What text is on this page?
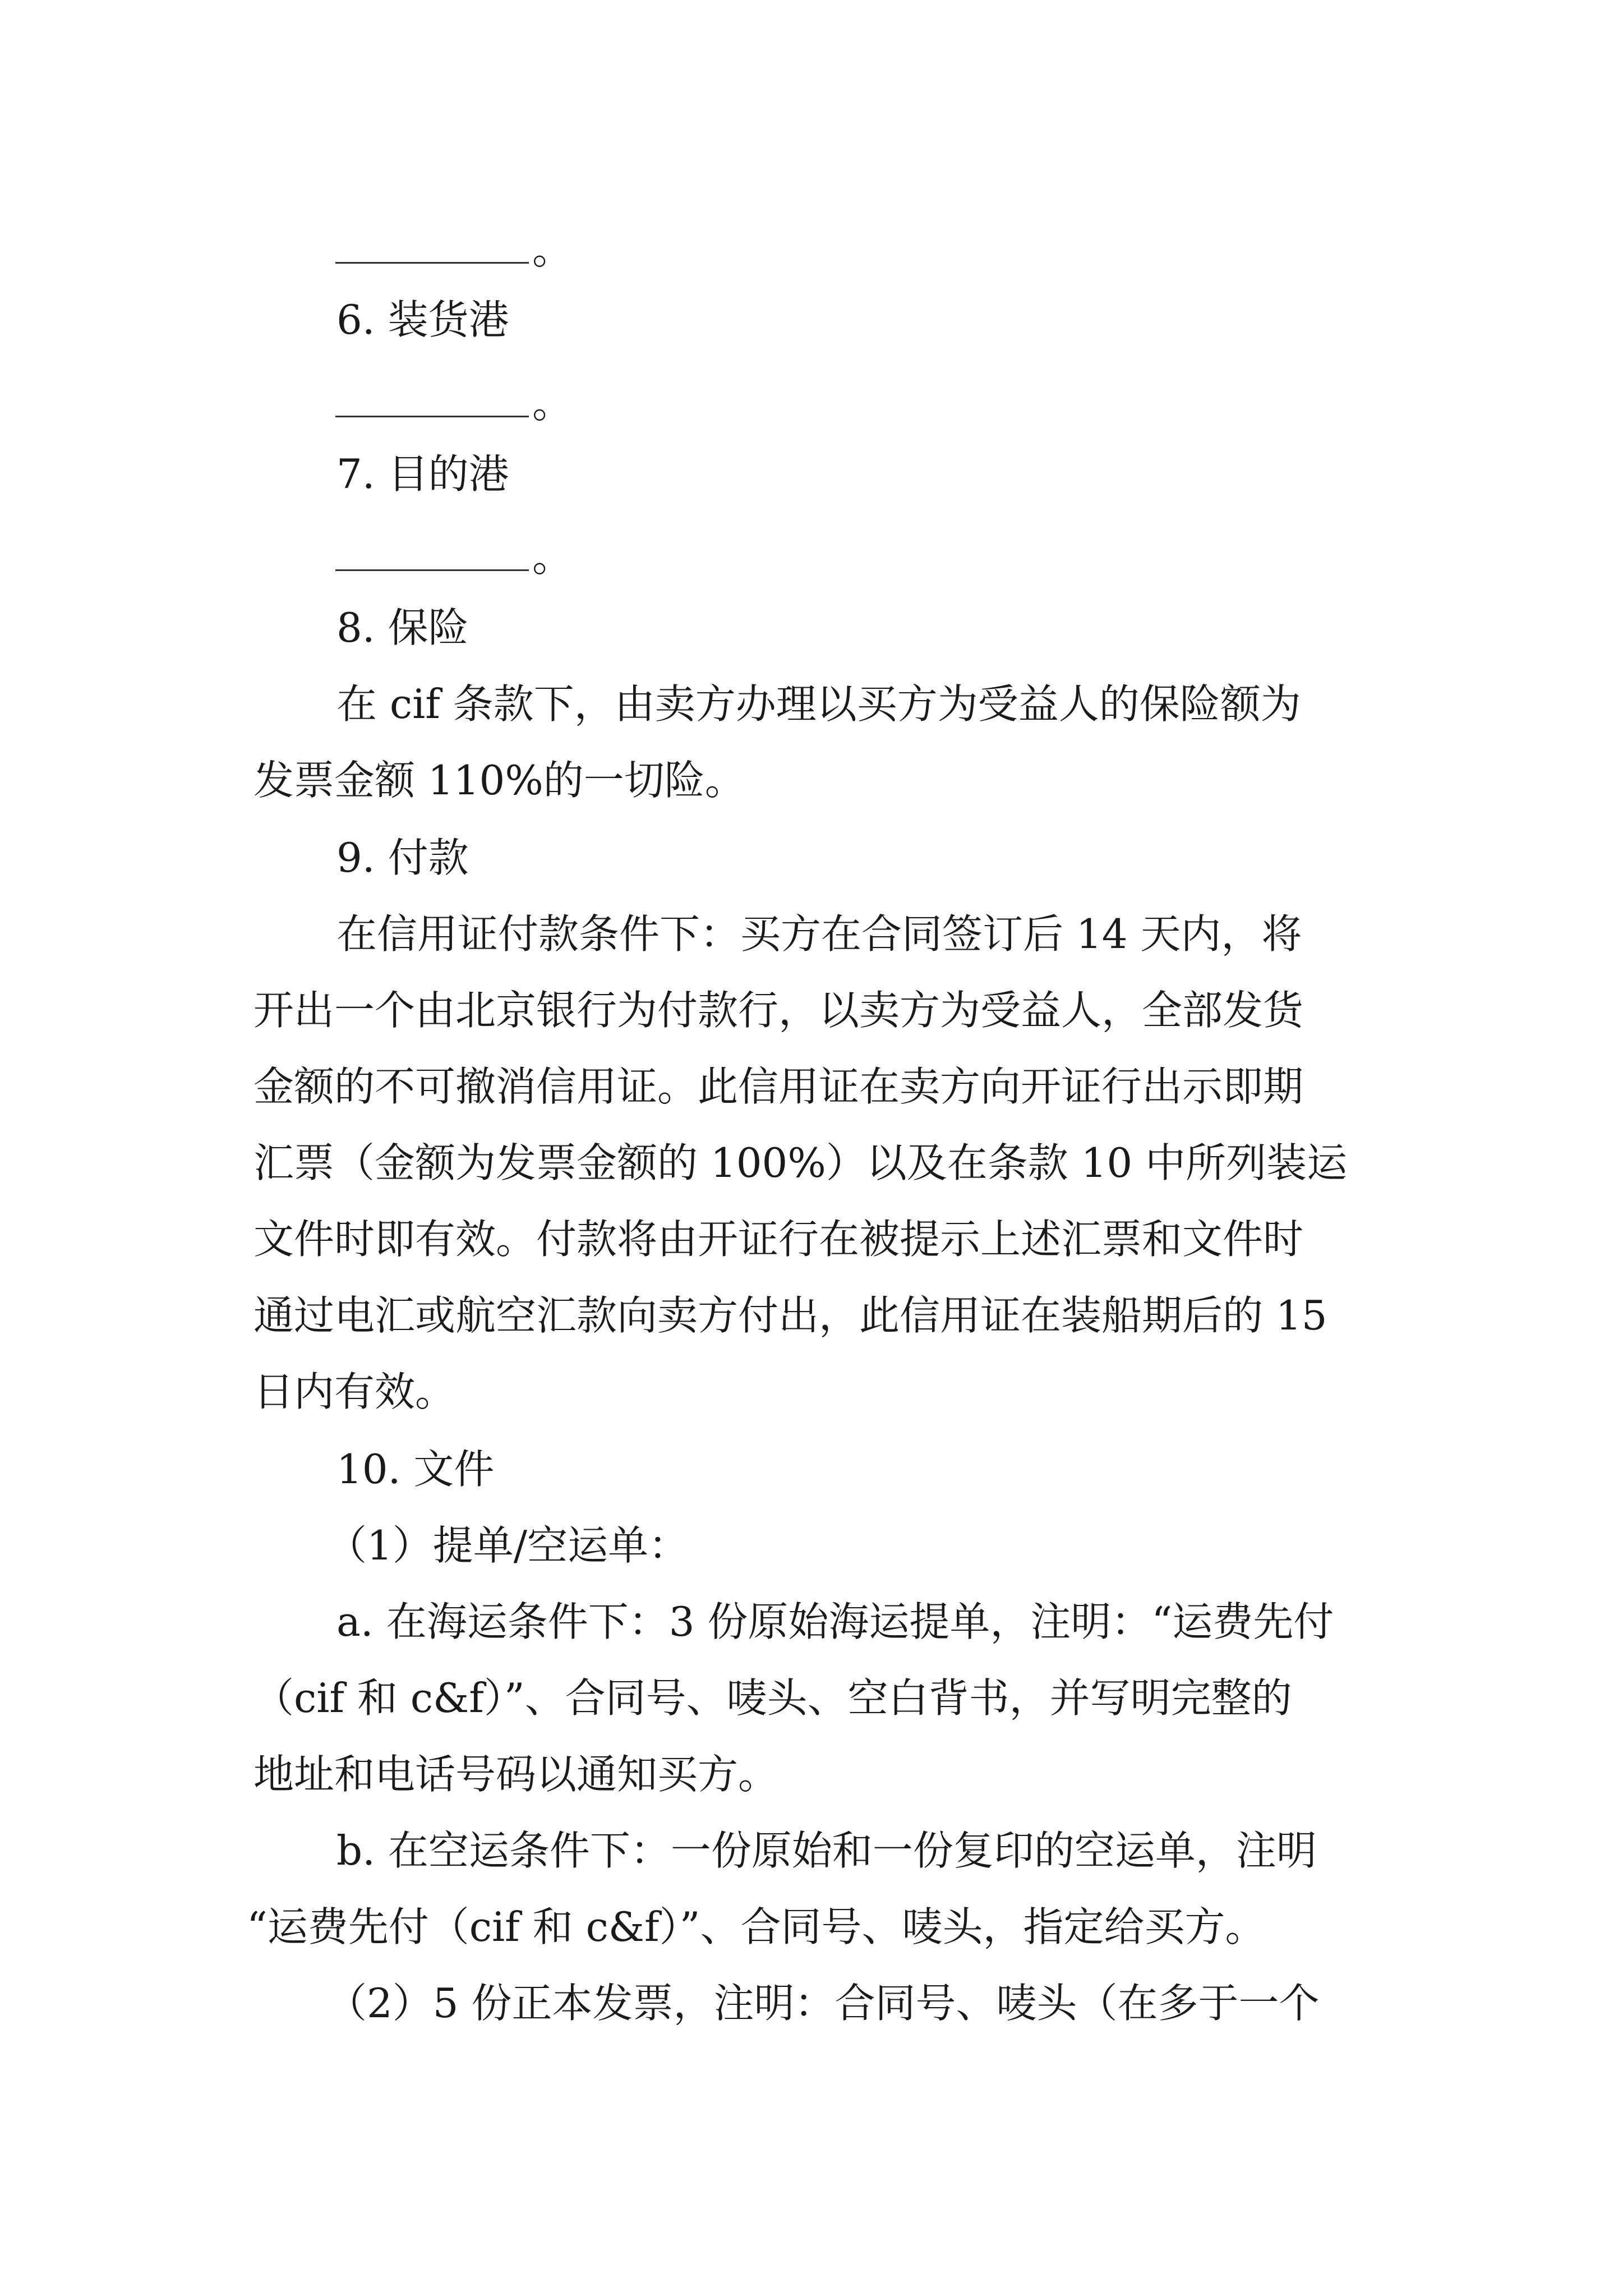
。
6. 装货港
。
7. 目的港
。
8. 保险
在 cif 条款下，由卖方办理以买方为受益人的保险额为
发票金额 110%的一切险。
9. 付款
在信用证付款条件下：买方在合同签订后 14 天内，将
开出一个由北京银行为付款行，以卖方为受益人，全部发货
金额的不可撤消信用证。此信用证在卖方向开证行出示即期
汇票（金额为发票金额的 100%）以及在条款 10 中所列装运
文件时即有效。付款将由开证行在被提示上述汇票和文件时
通过电汇或航空汇款向卖方付出，此信用证在装船期后的 15
日内有效。
10. 文件
（1）提单/空运单：
a. 在海运条件下：3 份原始海运提单，注明：“运费先付
（cif 和 c&f）”、合同号、唛头、空白背书，并写明完整的
地址和电话号码以通知买方。
b. 在空运条件下：一份原始和一份复印的空运单，注明
“运费先付（cif 和 c&f）”、合同号、唛头，指定给买方。
（2）5 份正本发票，注明：合同号、唛头（在多于一个
